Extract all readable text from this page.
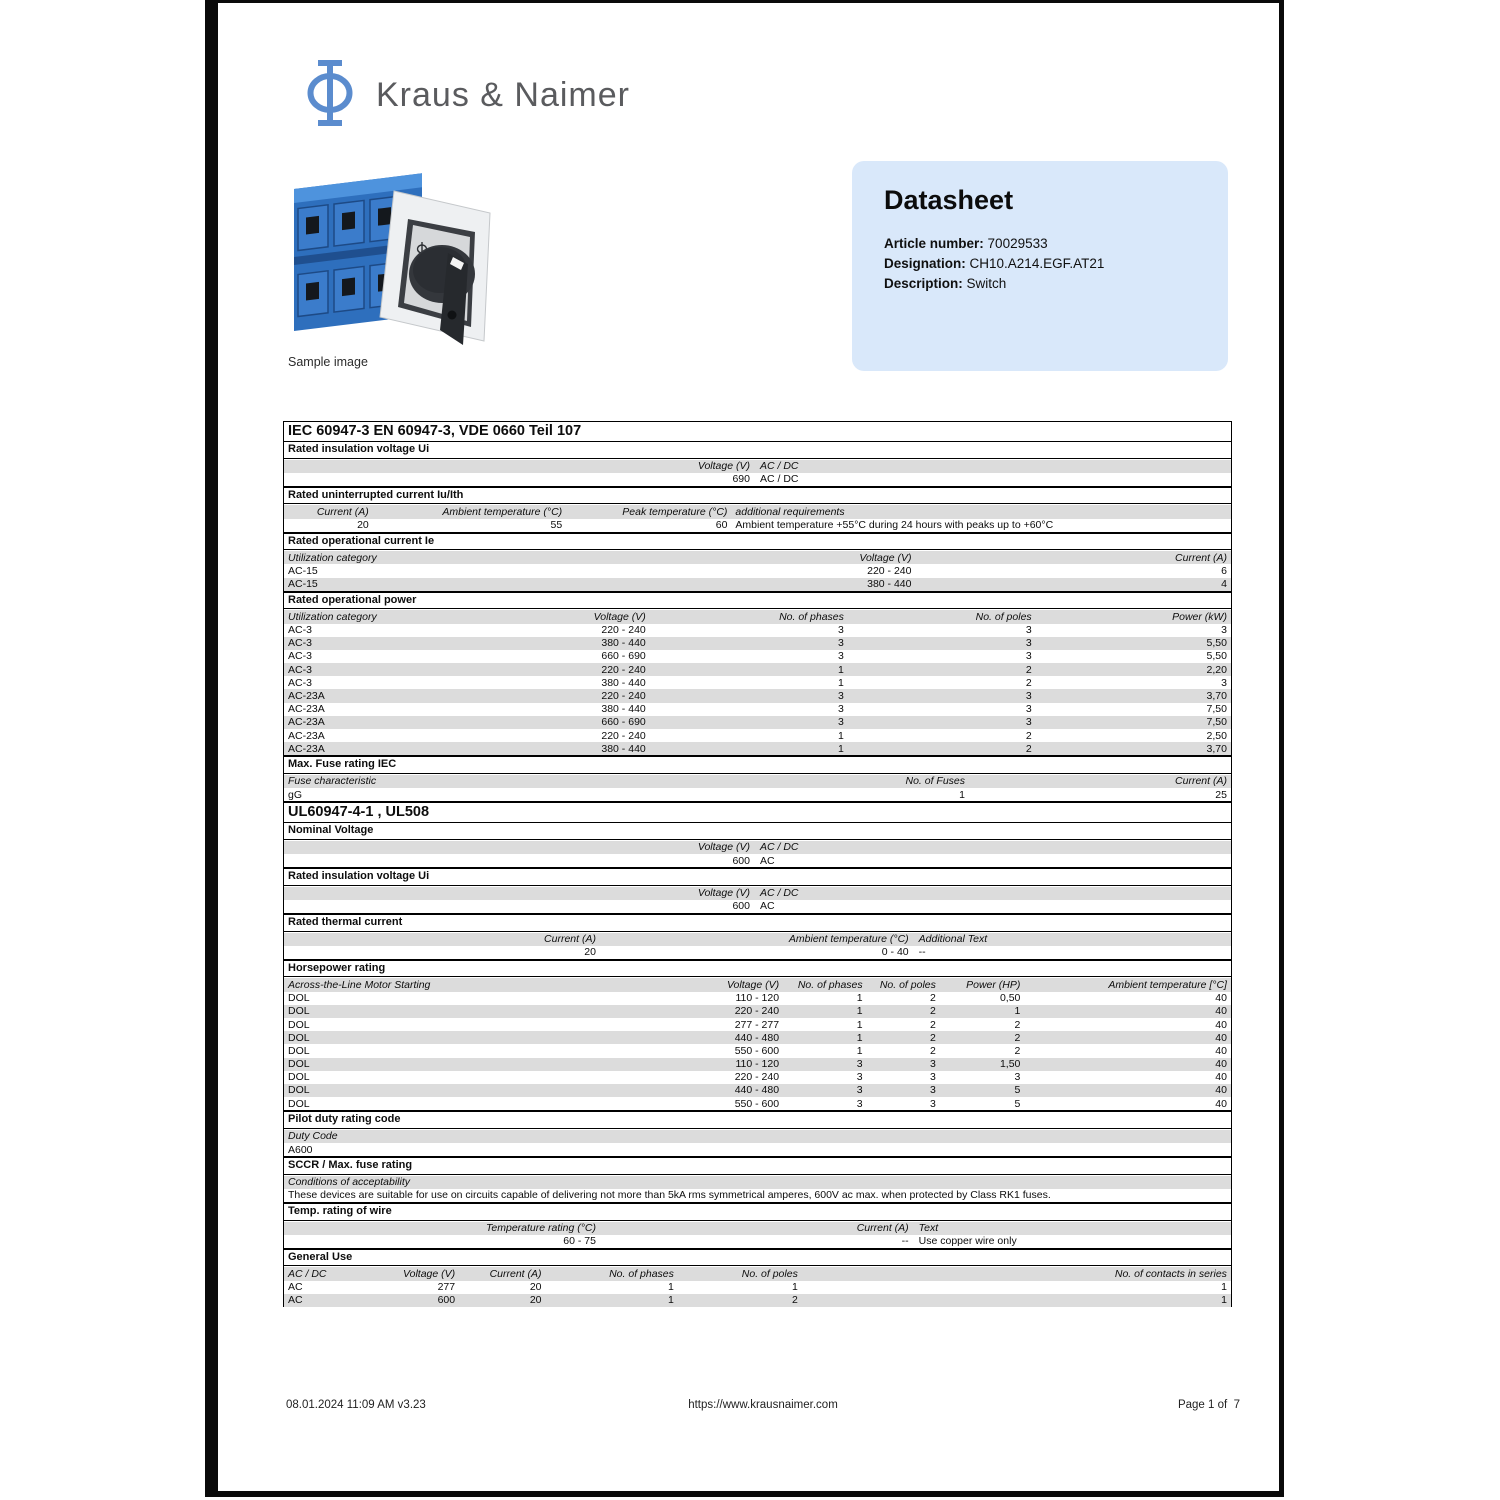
Kraus & Naimer
Sample image
Datasheet
Article number: 70029533
Designation: CH10.A214.EGF.AT21
Description: Switch
IEC 60947-3 EN 60947-3, VDE 0660 Teil 107
Rated insulation voltage Ui
Voltage (V) AC / DC
690 AC / DC
Rated uninterrupted current Iu/Ith
Current (A)	Ambient temperature (°C)	Peak temperature (°C) additional requirements
20	55	60 Ambient temperature +55°C during 24 hours with peaks up to +60°C
Rated operational current Ie
Utilization category	Voltage (V)	Current (A)
AC-15	220 - 240	6
AC-15	380 - 440	4
Rated operational power
Utilization category	Voltage (V)	No. of phases	No. of poles	Power (kW)
AC-3	220 - 240	3	3	3
AC-3	380 - 440	3	3	5,50
AC-3	660 - 690	3	3	5,50
AC-3	220 - 240	1	2	2,20
AC-3	380 - 440	1	2	3
AC-23A	220 - 240	3	3	3,70
AC-23A	380 - 440	3	3	7,50
AC-23A	660 - 690	3	3	7,50
AC-23A	220 - 240	1	2	2,50
AC-23A	380 - 440	1	2	3,70
Max. Fuse rating IEC
Fuse characteristic	No. of Fuses	Current (A)
gG	1	25
UL60947-4-1 , UL508
Nominal Voltage
Voltage (V) AC / DC
600 AC
Rated insulation voltage Ui
Voltage (V) AC / DC
600 AC
Rated thermal current
Current (A)	Ambient temperature (°C) Additional Text
20	0 - 40 --
Horsepower rating
Across-the-Line Motor Starting	Voltage (V)	No. of phases	No. of poles	Power (HP)	Ambient temperature [°C]
DOL	110 - 120	1	2	0,50	40
DOL	220 - 240	1	2	1	40
DOL	277 - 277	1	2	2	40
DOL	440 - 480	1	2	2	40
DOL	550 - 600	1	2	2	40
DOL	110 - 120	3	3	1,50	40
DOL	220 - 240	3	3	3	40
DOL	440 - 480	3	3	5	40
DOL	550 - 600	3	3	5	40
Pilot duty rating code
Duty Code
A600
SCCR / Max. fuse rating
Conditions of acceptability
These devices are suitable for use on circuits capable of delivering not more than 5kA rms symmetrical amperes, 600V ac max. when protected by Class RK1 fuses.
Temp. rating of wire
Temperature rating (°C)	Current (A) Text
60 - 75	-- Use copper wire only
General Use
AC / DC	Voltage (V)	Current (A)	No. of phases	No. of poles	No. of contacts in series
AC	277	20	1	1	1
AC	600	20	1	2	1
08.01.2024 11:09 AM v3.23	https://www.krausnaimer.com	Page 1 of  7
